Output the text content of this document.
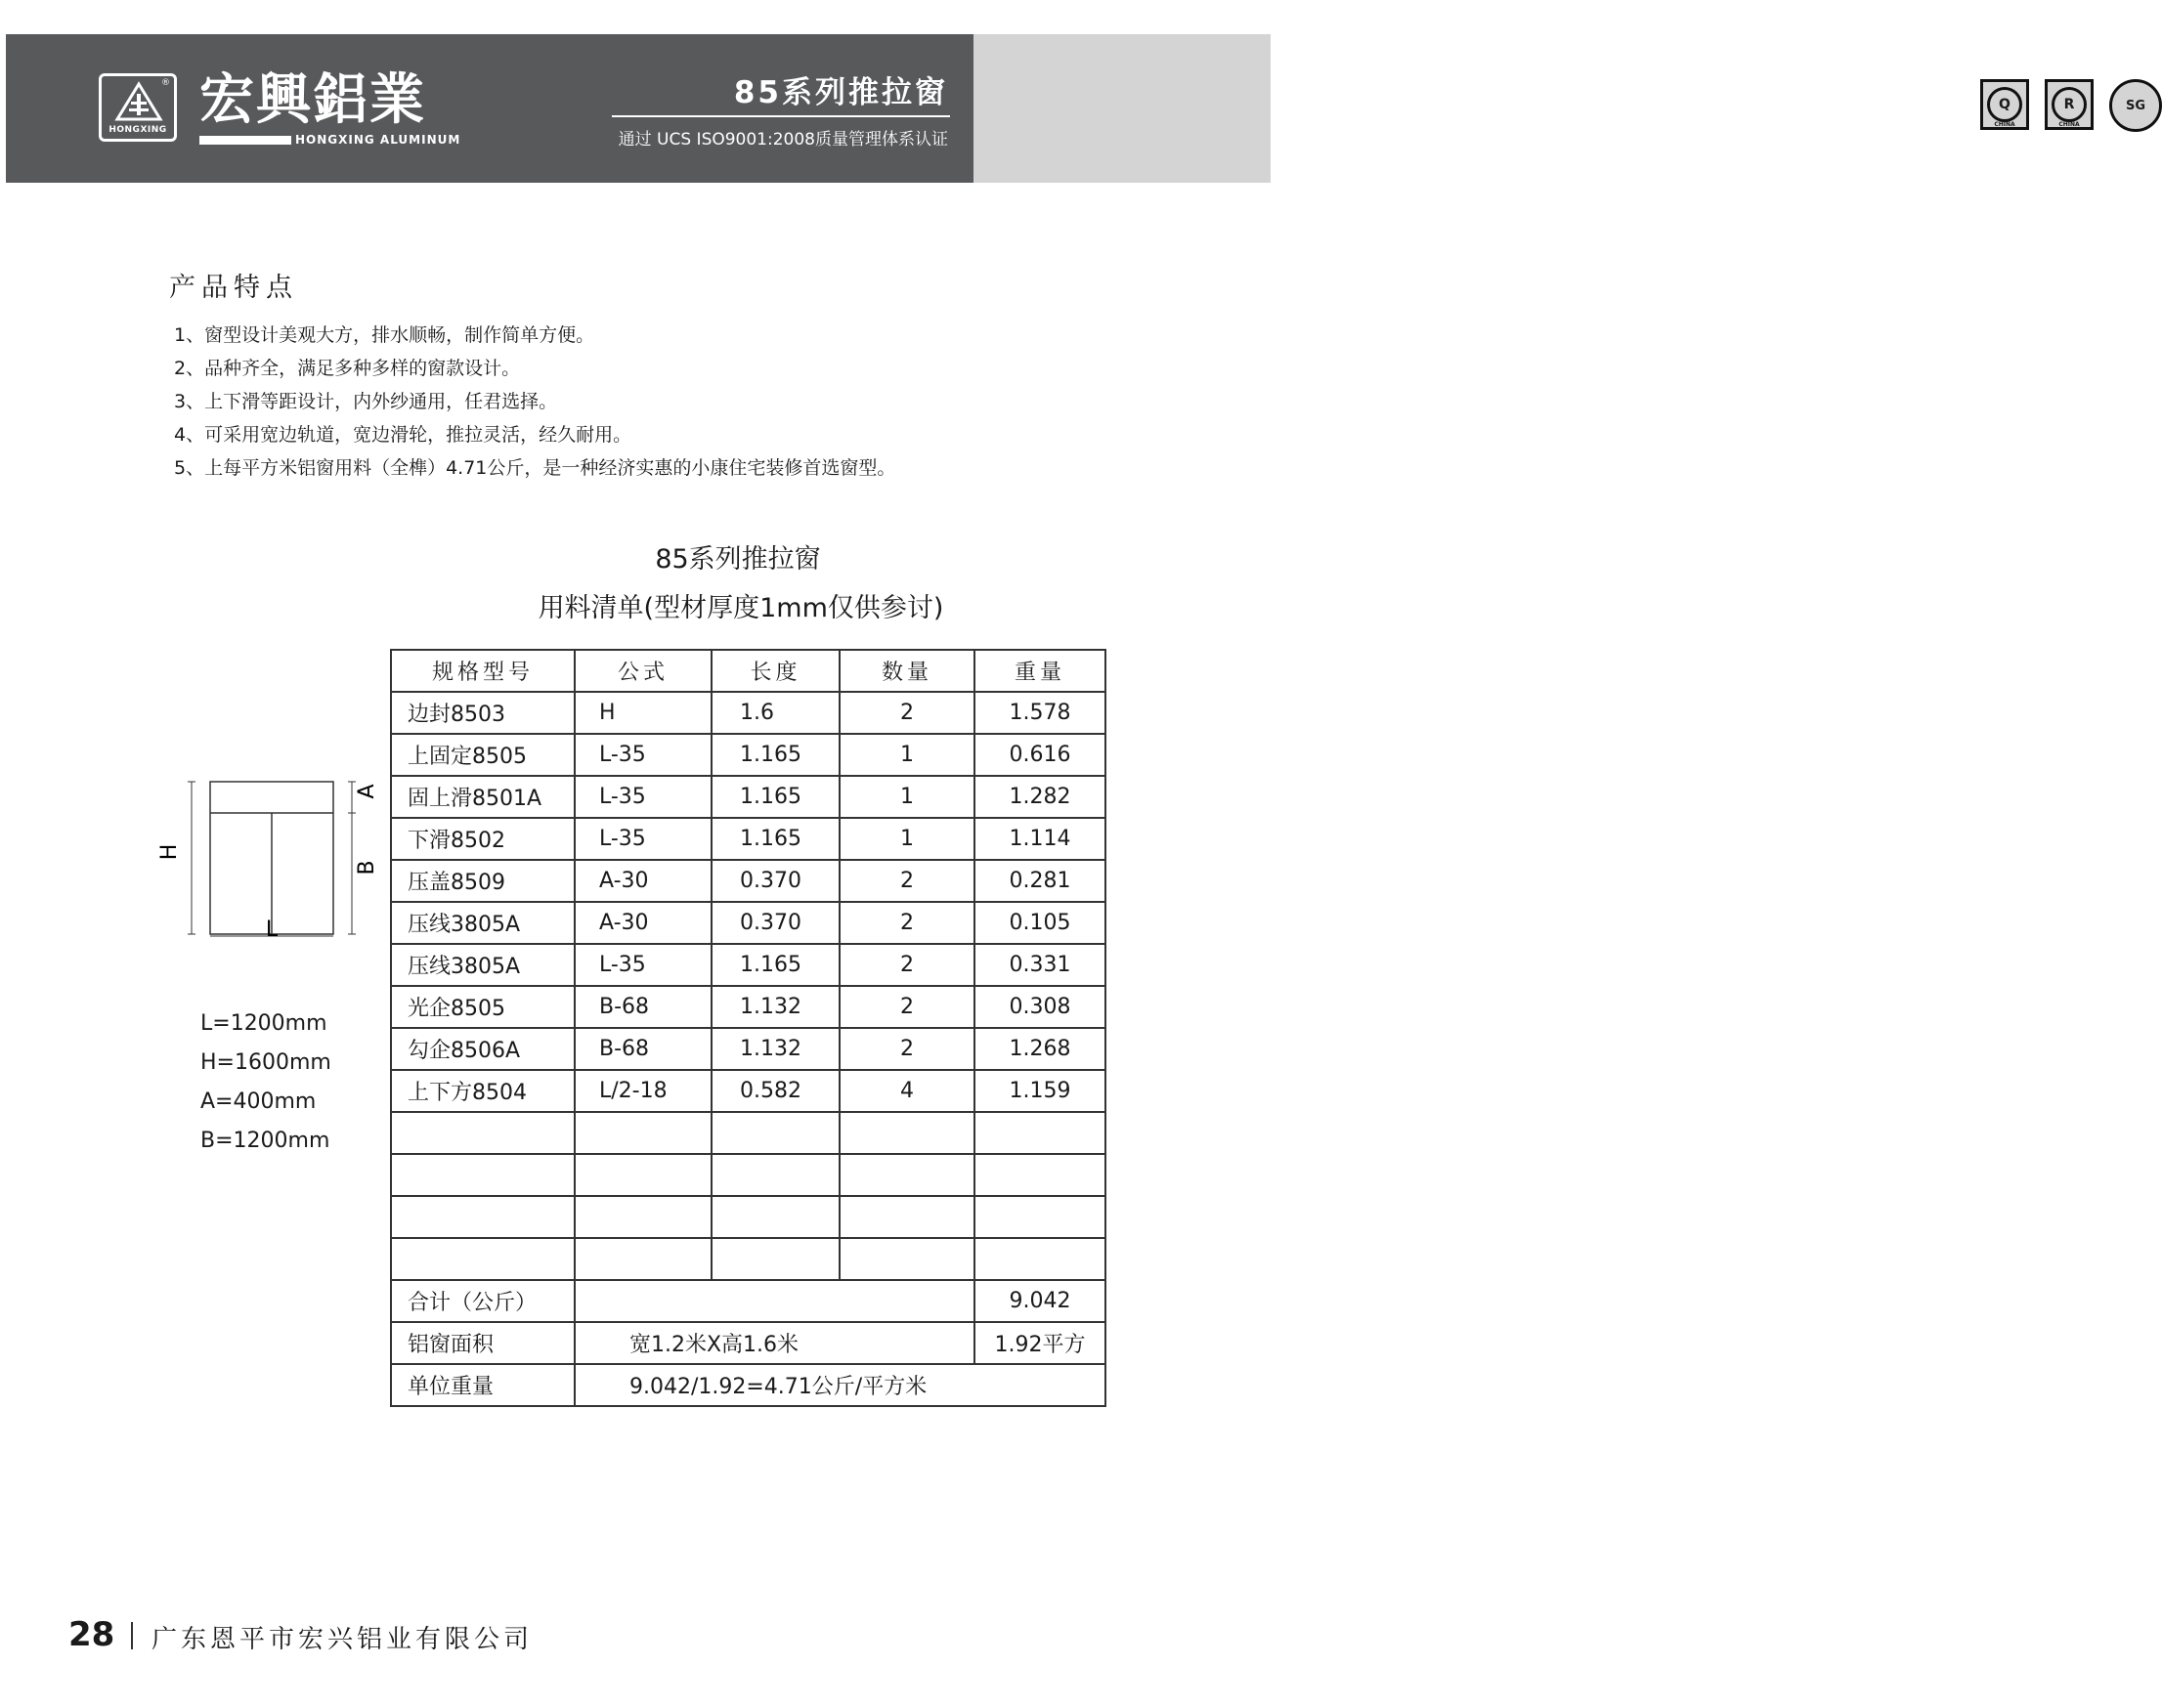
®
HONGXING 宏興鋁業
HONGXING ALUMINUM
85系列推拉窗
通过 UCS ISO9001:2008质量管理体系认证
Q
CHINA
R
CHINA
SG
产品特点
1、窗型设计美观大方，排水顺畅，制作简单方便。
2、品种齐全，满足多种多样的窗款设计。
3、上下滑等距设计，内外纱通用，任君选择。
4、可采用宽边轨道，宽边滑轮，推拉灵活，经久耐用。
5、上每平方米铝窗用料（全榫）4.71公斤，是一种经济实惠的小康住宅装修首选窗型。
85系列推拉窗
用料清单(型材厚度1mm仅供参讨)
H
A
B
L
L=1200mm
H=1600mm
A=400mm
B=1200mm
规格型号	公式	长度	数量	重量
边封8503	H	1.6	2	1.578
上固定8505	L-35	1.165	1	0.616
固上滑8501A	L-35	1.165	1	1.282
下滑8502	L-35	1.165	1	1.114
压盖8509	A-30	0.370	2	0.281
压线3805A	A-30	0.370	2	0.105
压线3805A	L-35	1.165	2	0.331
光企8505	B-68	1.132	2	0.308
勾企8506A	B-68	1.132	2	1.268
上下方8504	L/2-18	0.582	4	1.159

合计（公斤）				9.042
铝窗面积	宽1.2米X高1.6米			1.92平方
单位重量	9.042/1.92=4.71公斤/平方米			
28 广东恩平市宏兴铝业有限公司
